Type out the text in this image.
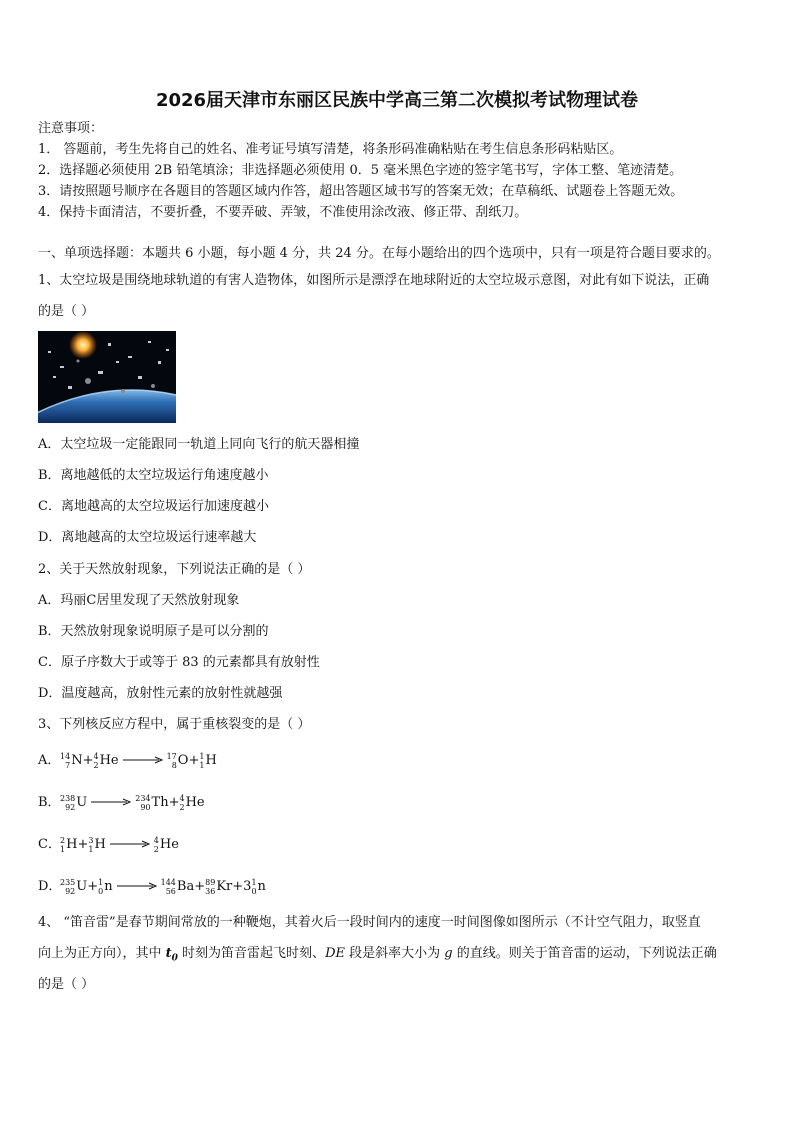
2026届天津市东丽区民族中学高三第二次模拟考试物理试卷
注意事项：
1． 答题前，考生先将自己的姓名、准考证号填写清楚，将条形码准确粘贴在考生信息条形码粘贴区。
2．选择题必须使用 2B 铅笔填涂；非选择题必须使用 0．5 毫米黑色字迹的签字笔书写，字体工整、笔迹清楚。
3．请按照题号顺序在各题目的答题区域内作答，超出答题区域书写的答案无效；在草稿纸、试题卷上答题无效。
4．保持卡面清洁，不要折叠，不要弄破、弄皱，不准使用涂改液、修正带、刮纸刀。
一、单项选择题：本题共 6 小题，每小题 4 分，共 24 分。在每小题给出的四个选项中，只有一项是符合题目要求的。
1、太空垃圾是围绕地球轨道的有害人造物体，如图所示是漂浮在地球附近的太空垃圾示意图，对此有如下说法，正确
的是（ ）
A．太空垃圾一定能跟同一轨道上同向飞行的航天器相撞
B．离地越低的太空垃圾运行角速度越小
C．离地越高的太空垃圾运行加速度越小
D．离地越高的太空垃圾运行速率越大
2、关于天然放射现象，下列说法正确的是（ ）
A．玛丽C居里发现了天然放射现象
B．天然放射现象说明原子是可以分割的
C．原子序数大于或等于 83 的元素都具有放射性
D．温度越高，放射性元素的放射性就越强
3、下列核反应方程中，属于重核裂变的是（ ）
A． 14
7 N+ 4
2 He → 17
8 O+ 1
1 H
B． 238
92 U → 234
90 Th+ 4
2 He
C． 2
1 H+ 3
1 H → 4
2 He
D．
235
92 U+ 1
0 n → 144
56 Ba+ 89
36 Kr+3 1
0 n
4、 “笛音雷”是春节期间常放的一种鞭炮，其着火后一段时间内的速度一时间图像如图所示（不计空气阻力，取竖直
向上为正方向），其中 $t_0$ 时刻为笛音雷起飞时刻、DE 段是斜率大小为 g 的直线。则关于笛音雷的运动，下列说法正确
的是（ ）
